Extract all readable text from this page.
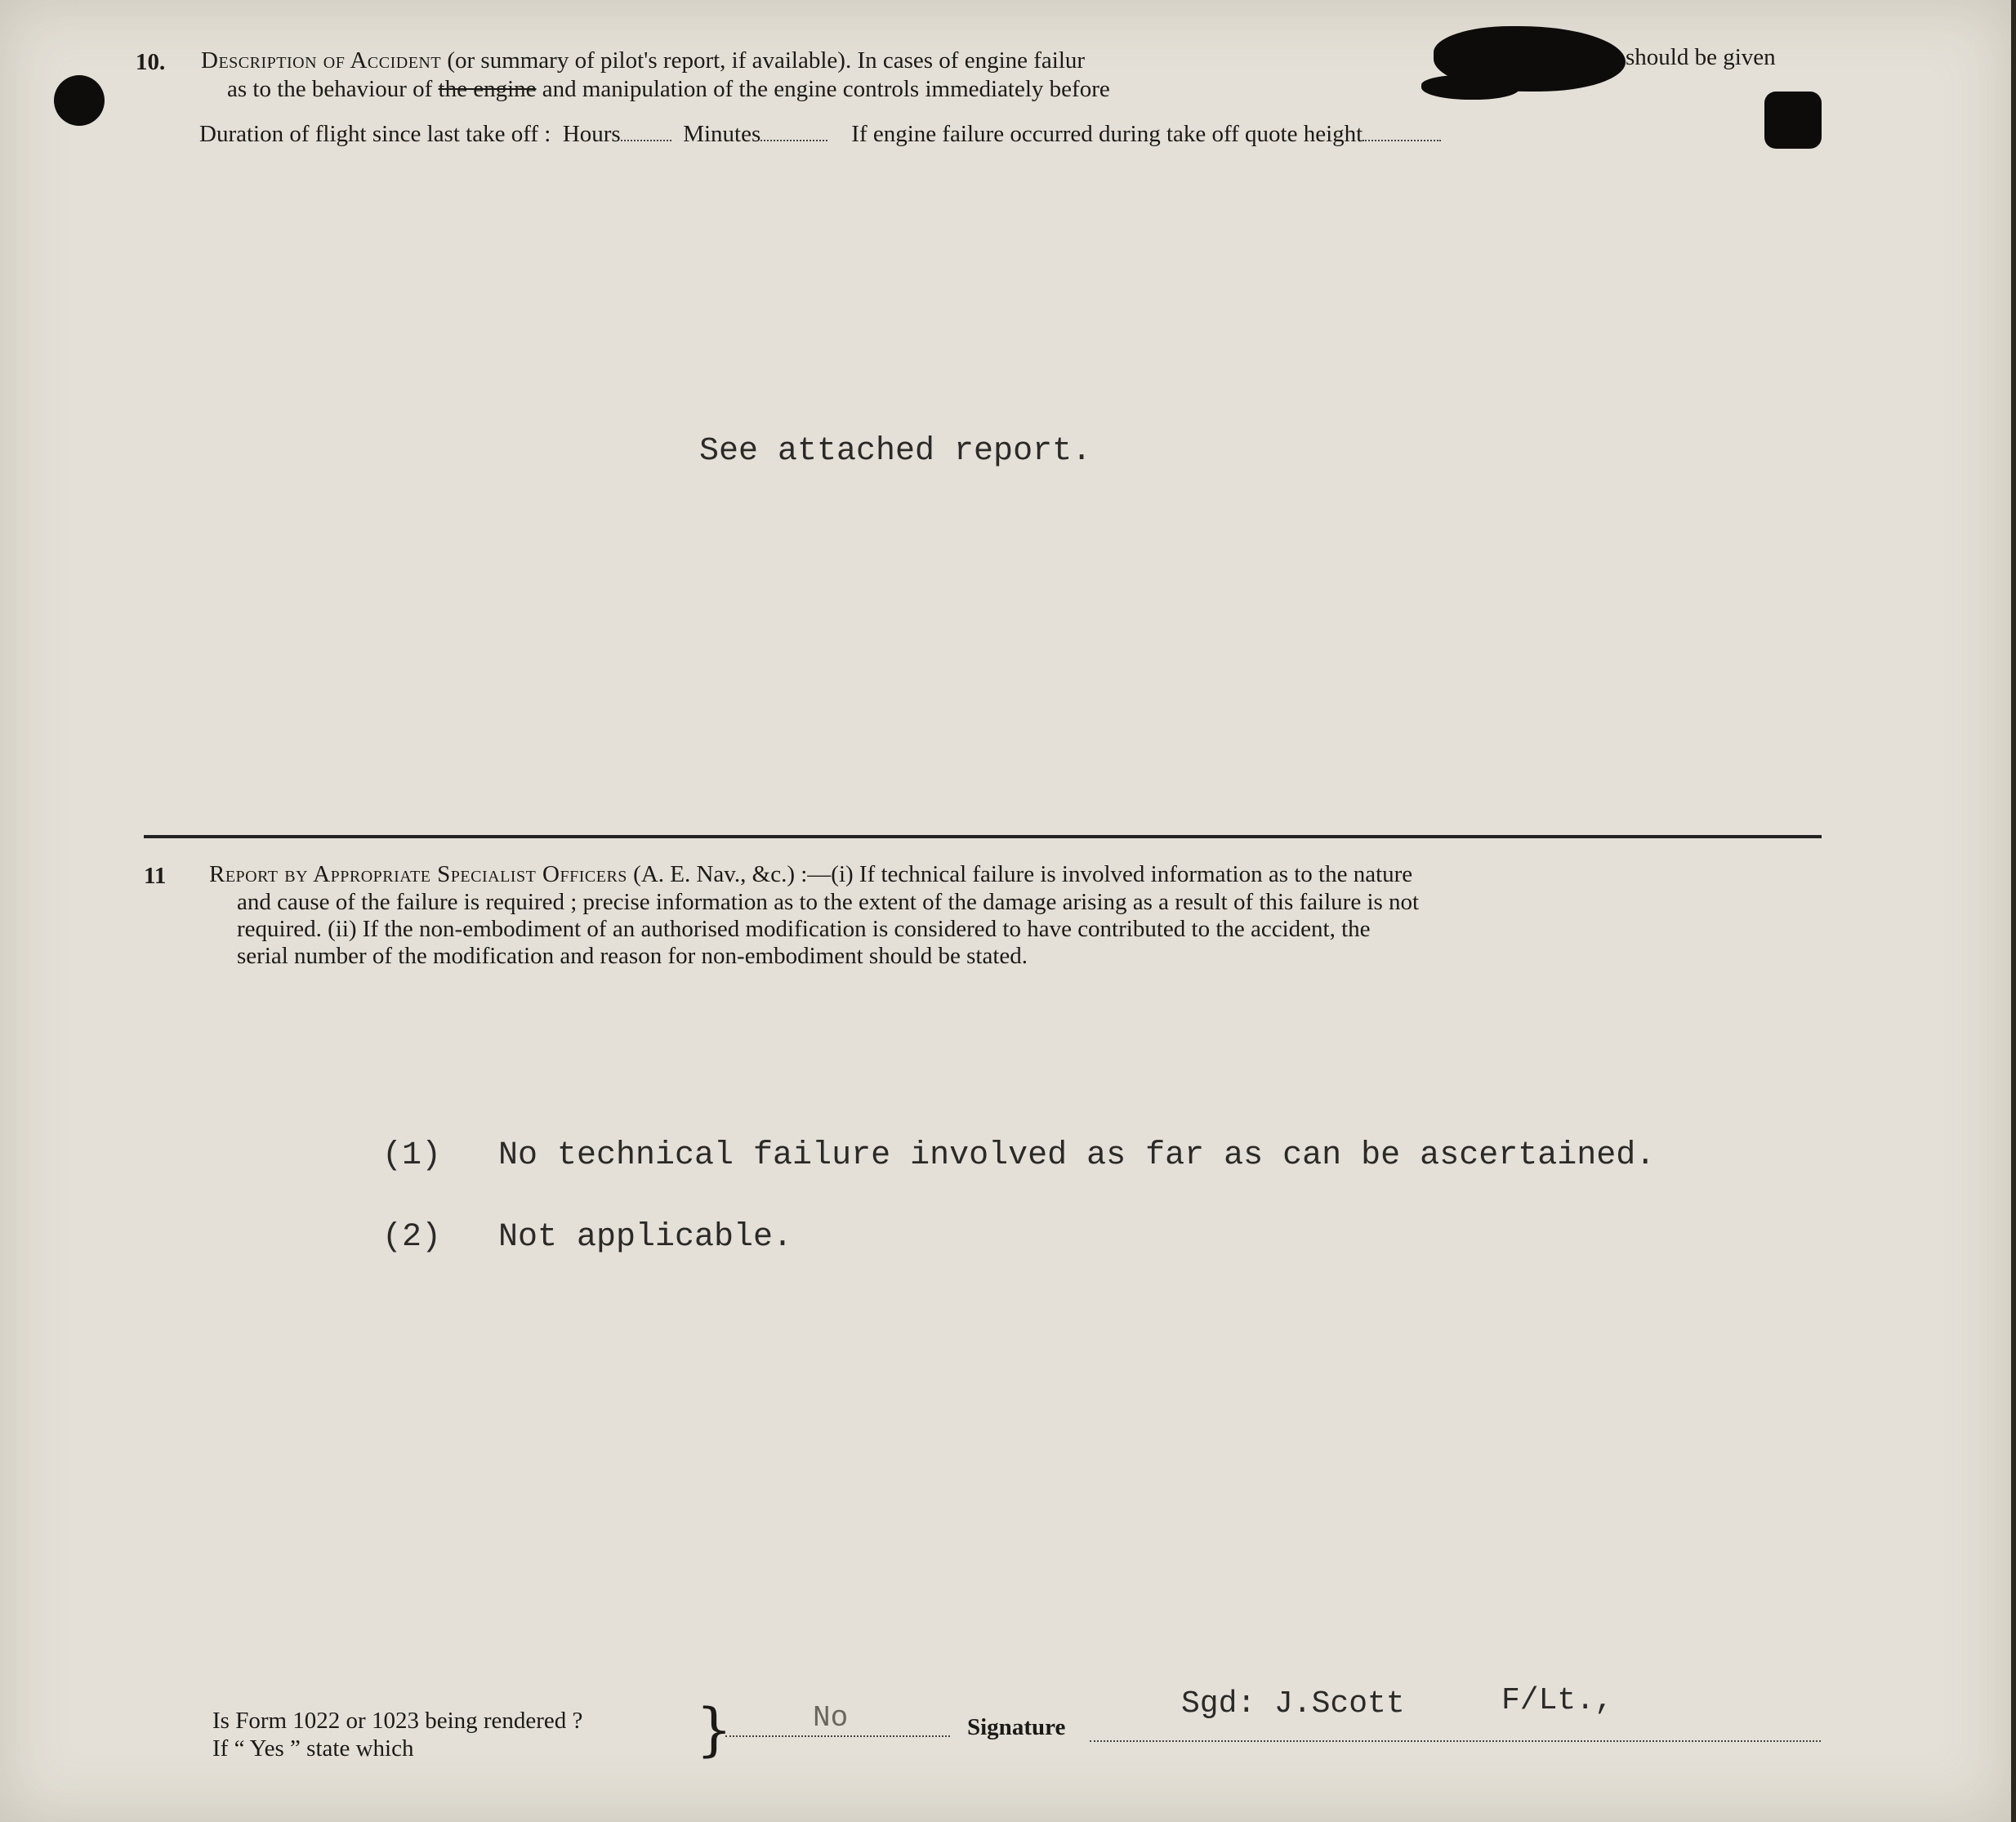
10. Description of Accident (or summary of pilot's report, if available). In cases of engine failur	should be given
as to the behaviour of the engine and manipulation of the engine controls immediately before
Duration of flight since last take off : Hours	Minutes	If engine failure occurred during take off quote height
See attached report.
11 Report by Appropriate Specialist Officers (A. E. Nav., &c.) :—(i) If technical failure is involved information as to the nature
and cause of the failure is required ; precise information as to the extent of the damage arising as a result of this failure is not
required. (ii) If the non-embodiment of an authorised modification is considered to have contributed to the accident, the
serial number of the modification and reason for non-embodiment should be stated.
(1) No technical failure involved as far as can be ascertained.
(2) Not applicable.
Is Form 1022 or 1023 being rendered ?
If “ Yes ” state which	}	No	Signature
Sgd: J.Scott	F/Lt.,
